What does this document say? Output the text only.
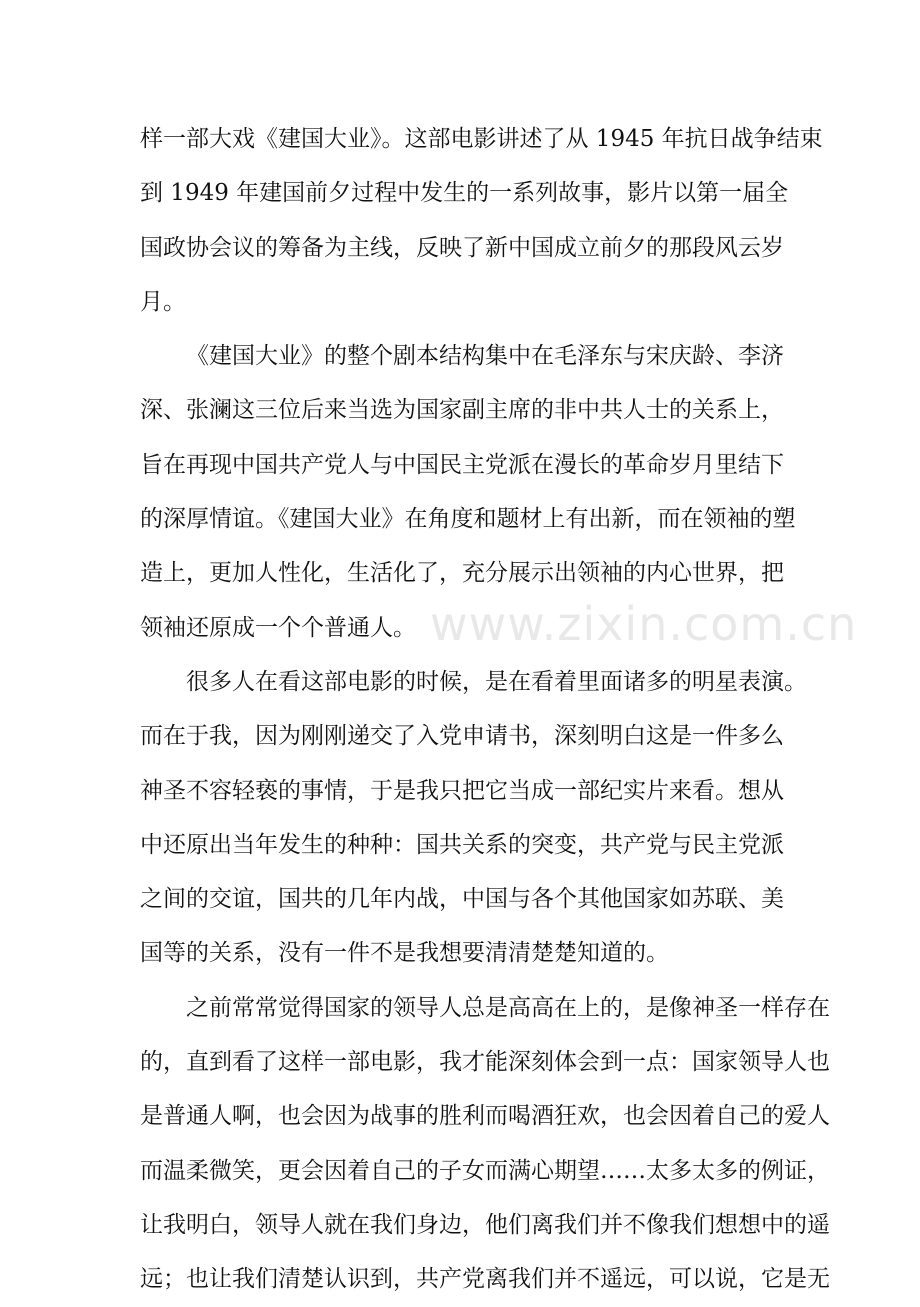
样一部大戏《建国大业》。这部电影讲述了从 1945 年抗日战争结束
到 1949 年建国前夕过程中发生的一系列故事，影片以第一届全
国政协会议的筹备为主线，反映了新中国成立前夕的那段风云岁
月。
《建国大业》的整个剧本结构集中在毛泽东与宋庆龄、李济
深、张澜这三位后来当选为国家副主席的非中共人士的关系上，
旨在再现中国共产党人与中国民主党派在漫长的革命岁月里结下
的深厚情谊。《建国大业》在角度和题材上有出新，而在领袖的塑
造上，更加人性化，生活化了，充分展示出领袖的内心世界，把
领袖还原成一个个普通人。
很多人在看这部电影的时候，是在看着里面诸多的明星表演。
而在于我，因为刚刚递交了入党申请书，深刻明白这是一件多么
神圣不容轻亵的事情，于是我只把它当成一部纪实片来看。想从
中还原出当年发生的种种：国共关系的突变，共产党与民主党派
之间的交谊，国共的几年内战，中国与各个其他国家如苏联、美
国等的关系，没有一件不是我想要清清楚楚知道的。
之前常常觉得国家的领导人总是高高在上的，是像神圣一样存在
的，直到看了这样一部电影，我才能深刻体会到一点：国家领导人也
是普通人啊，也会因为战事的胜利而喝酒狂欢，也会因着自己的爱人
而温柔微笑，更会因着自己的子女而满心期望……太多太多的例证，
让我明白，领导人就在我们身边，他们离我们并不像我们想想中的遥
远；也让我们清楚认识到，共产党离我们并不遥远，可以说，它是无
www.zixin.com.cn
